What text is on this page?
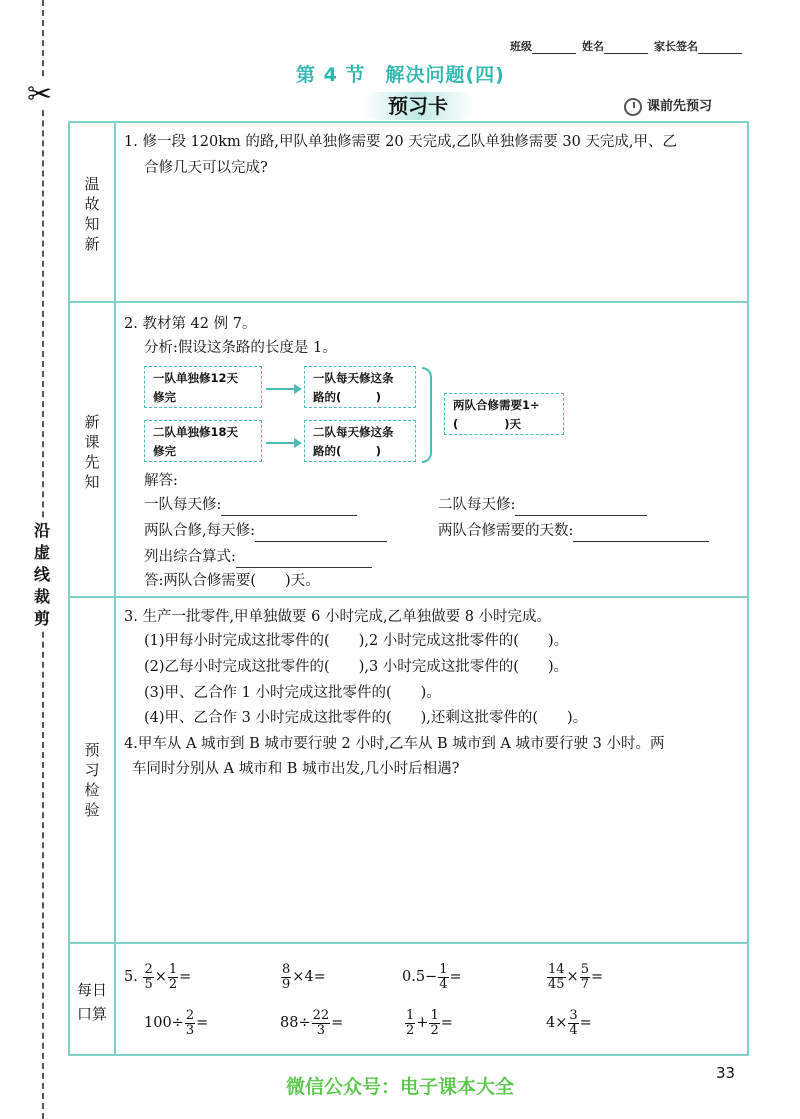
✂
沿
虚
线
裁
剪
班级	姓名	家长签名
第 4 节　解决问题(四)
预习卡	课前先预习
温
故
知
新
1. 修一段 120km 的路,甲队单独修需要 20 天完成,乙队单独修需要 30 天完成,甲、乙
合修几天可以完成?
新
课
先
知
2. 教材第 42 例 7。
分析:假设这条路的长度是 1。
一队单独修12天
修完
一队每天修这条
路的(　　　)
二队单独修18天
修完
二队每天修这条
路的(　　　)
两队合修需要1÷
(　　　　)天
解答:
一队每天修:	二队每天修:
两队合修,每天修:	两队合修需要的天数:
列出综合算式:
答:两队合修需要(　　)天。
预
习
检
验
3. 生产一批零件,甲单独做要 6 小时完成,乙单独做要 8 小时完成。
(1)甲每小时完成这批零件的(　　),2 小时完成这批零件的(　　)。
(2)乙每小时完成这批零件的(　　),3 小时完成这批零件的(　　)。
(3)甲、乙合作 1 小时完成这批零件的(　　)。
(4)甲、乙合作 3 小时完成这批零件的(　　),还剩这批零件的(　　)。
4.甲车从 A 城市到 B 城市要行驶 2 小时,乙车从 B 城市到 A 城市要行驶 3 小时。两
车同时分别从 A 城市和 B 城市出发,几小时后相遇?
每日
口算
5. $\frac{2}{5} \times \frac{1}{2}$ =	$\frac{8}{9} \times 4=$	$0.5- \frac{1}{4}$ =	$\frac{14}{45} \times \frac{5}{7}$ =
$100\div \frac{2}{3}$ =	$88\div \frac{22}{3}$ =	$\frac{1}{2} + \frac{1}{2}$ =	$4\times \frac{3}{4}$ =
33
微信公众号：电子课本大全
